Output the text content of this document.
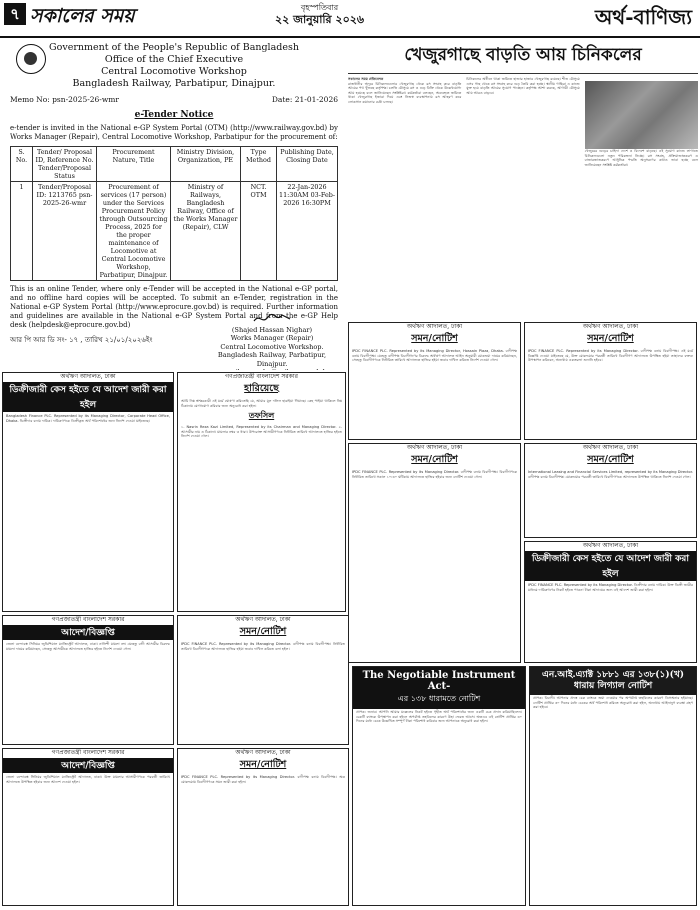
৭ সকালের সময়	বৃহস্পতিবার
২২ জানুয়ারি ২০২৬	অর্থ-বাণিজ্য
Government of the People's Republic of Bangladesh
Office of the Chief Executive
Central Locomotive Workshop
Bangladesh Railway, Parbatipur, Dinajpur.
Memo No: psn-2025-26-wmr	Date: 21-01-2026
e-Tender Notice

e-tender is invited in the National e-GP System Portal (OTM) (http://www.railway.gov.bd) by Works Manager (Repair), Central Locomotive Workshop, Parbatipur for the procurement of:

S. No.	Tender/ Proposal ID, Reference No. Tender/Proposal Status	Procurement Nature, Title	Ministry Division, Organization, PE	Type Method	Publishing Date, Closing Date
1	Tender/Proposal ID: 1213765 psn-2025-26-wmr	Procurement of services (17 person) under the Services Procurement Policy through Outsourcing Process, 2025 for the proper maintenance of Locomotive at Central Locomotive Workshop, Parbatipur, Dinajpur.	Ministry of Railways, Bangladesh Railway, Office of the Works Manager (Repair), CLW	NCT. OTM	22-Jan-2026 11:30AM 03-Feb-2026 16:30PM

This is an online Tender, where only e-Tender will be accepted in the National e-GP portal, and no offline hard copies will be accepted. To submit an e-Tender, registration in the National e-GP System Portal (http://www.eprocure.gov.bd) is required. Further information and guidelines are available in the National e-GP System Portal and from the e-GP Help desk (helpdesk@eprocure.gov.bd)

আর পি আর ডি সং- ১৭ , তারিখ ২১/০১/২০২৬ইং
(Shajed Hassan Nighar)
Works Manager (Repair)
Central Locomotive Workshop.
Bangladesh Railway, Parbatipur, Dinajpur.
খেজুরগাছে বাড়তি আয় চিনিকলের
সকালের সময় প্রতিবেদক

রাজধানীর অদূরে চিনিকলগুলোর খেজুরগাছ থেকে রস সংগ্রহ করে বাড়তি আয়ের পথ খুঁজছে কর্তৃপক্ষ। চলতি মৌসুমে রস ও গুড় বিক্রি থেকে উল্লেখযোগ্য আয় হয়েছে বলে জানিয়েছেন সংশ্লিষ্টরা। কর্মকর্তারা বলছেন, অব্যবহৃত জমিতে থাকা খেজুরগাছ ইজারা দিয়ে এবং নিজস্ব ব্যবস্থাপনায় রস আহরণ করে লোকসান কমানোর চেষ্টা চলছে।

চিনিকলের অধীনে থাকা জমিতে হাজার হাজার খেজুরগাছ রয়েছে। শীত মৌসুমে এসব গাছ থেকে রস সংগ্রহ করে গুড় তৈরি করা হচ্ছে। স্থানীয় গাছিরা এ কাজে যুক্ত হয়ে বাড়তি আয়ের সুযোগ পাচ্ছেন। কর্তৃপক্ষ আশা করছে, আগামী মৌসুমে আয় আরও বাড়বে।

খেজুরের গুড়ের চাহিদা দেশে ও বিদেশে বাড়ছে। এই সুযোগ কাজে লাগাতে চিনিকলগুলো নতুন পরিকল্পনা নিচ্ছে। রস সংগ্রহ, প্রক্রিয়াজাতকরণ ও বাজারজাতকরণে আধুনিক পদ্ধতি অনুসরণের কথাও ভাবা হচ্ছে বলে জানিয়েছেন সংশ্লিষ্ট কর্মকর্তারা।

অর্থঋণ আদালত, ঢাকা
সমন/নোটিশ

IPDC FINANCE PLC. Represented by its Managing Director, Hossain Plaza, Dhaka. বাদীপক্ষ বনাম বিবাদীপক্ষ। যেহেতু বাদীপক্ষ বিবাদীগণের বিরুদ্ধে অর্থঋণ আদালত আইন অনুযায়ী মোকদ্দমা দায়ের করিয়াছেন, সেহেতু বিবাদীগণকে নির্ধারিত তারিখে আদালতে হাজির হইয়া জবাব দাখিল করিতে নির্দেশ দেওয়া গেল।

অর্থঋণ আদালত, ঢাকা
সমন/নোটিশ

IPDC FINANCE PLC. Represented by its Managing Director. বাদীপক্ষ বনাম বিবাদীপক্ষ। এই মর্মে বিজ্ঞপ্তি দেওয়া যাইতেছে যে, উক্ত মোকদ্দমার পরবর্তী তারিখে বিবাদীগণ আদালতে উপস্থিত হইয়া তাহাদের বক্তব্য উপস্থাপন করিবেন, অন্যথায় একতরফা শুনানি হইবে।

অর্থঋণ আদালত, ঢাকা
সমন/নোটিশ

IPDC FINANCE PLC. Represented by its Managing Director. বাদীপক্ষ বনাম বিবাদীপক্ষ। বিবাদীগণকে নির্ধারিত তারিখে সকাল ১০:৩০ ঘটিকায় আদালতে হাজির হইবার জন্য নোটিশ দেওয়া গেল।

অর্থঋণ আদালত, ঢাকা
সমন/নোটিশ

International Leasing and Financial Services Limited, represented by its Managing Director. বাদীপক্ষ বনাম বিবাদীপক্ষ। মোকদ্দমার পরবর্তী তারিখে বিবাদীগণকে আদালতে উপস্থিত থাকিতে নির্দেশ দেওয়া গেল।

অর্থঋণ আদালত, ঢাকা
ডিক্রীজারী কেস হইতে যে আদেশ জারী করা হইল

IPDC FINANCE PLC. Represented by its Managing Director. ডিক্রীদার বনাম দায়িক। উক্ত ডিক্রী জারীর মাধ্যমে দায়িকগণের নিকট হইতে পাওনা টাকা আদায়ের জন্য এই আদেশ জারী করা হইল।

অর্থঋণ আদালত, ঢাকা
ডিক্রীজারী কেস হইতে যে আদেশ জারী করা হইল

Bangladesh Finance PLC. Represented by its Managing Director, Corporate Head Office, Dhaka. ডিক্রীদার বনাম দায়িক। দায়িকগণকে ডিক্রীকৃত অর্থ পরিশোধের জন্য নির্দেশ দেওয়া যাইতেছে।

গণপ্রজাতন্ত্রী বাংলাদেশ সরকার
হারিয়েছে

আমি নিম্ন স্বাক্ষরকারী এই মর্মে ঘোষণা করিতেছি যে, আমার মূল দলিল হারাইয়া গিয়াছে। কেহ পাইয়া থাকিলে নিম্ন ঠিকানায় যোগাযোগ করিবার জন্য অনুরোধ করা হইল।

তফসিল

১. Nasrin Reza Kazi Limited, Represented by its Chairman and Managing Director. ২. আসামীর নাম ও ঠিকানা। মামলার নম্বর ও ধারা। উপরোক্ত আসামীগণকে নির্ধারিত তারিখে আদালতে হাজির হইতে নির্দেশ দেওয়া গেল।

গণপ্রজাতন্ত্রী বাংলাদেশ সরকার
আদেশ/বিজ্ঞপ্তি

জেলা বন্দোবস্ত সিনিয়র জুডিশিয়াল ম্যাজিস্ট্রেট আদালত, ঢাকা। নালিশী মামলা নং। যেহেতু বাদী আসামীর বিরুদ্ধে মামলা দায়ের করিয়াছেন, সেহেতু আসামীকে আদালতে হাজির হইতে নির্দেশ দেওয়া গেল।

গণপ্রজাতন্ত্রী বাংলাদেশ সরকার
আদেশ/বিজ্ঞপ্তি

জেলা বন্দোবস্ত সিনিয়র জুডিশিয়াল ম্যাজিস্ট্রেট আদালত, ঢাকা। উক্ত মামলার আসামীগণকে পরবর্তী তারিখে আদালতে উপস্থিত হইবার জন্য আদেশ দেওয়া হইল।

অর্থঋণ আদালত, ঢাকা
সমন/নোটিশ

IPDC FINANCE PLC. Represented by its Managing Director. বাদীপক্ষ বনাম বিবাদীপক্ষ। নির্ধারিত তারিখে বিবাদীগণকে আদালতে হাজির হইয়া জবাব দাখিল করিতে বলা হইল।

অর্থঋণ আদালত, ঢাকা
সমন/নোটিশ

IPDC FINANCE PLC. Represented by its Managing Director. বাদীপক্ষ বনাম বিবাদীপক্ষ। অত্র মোকদ্দমায় বিবাদীগণকে সমন জারী করা হইল।

The Negotiable Instrument Act-
এর ১৩৮ ধারামতে নোটিশ

প্রাপক: জনাব। আপনি আমার মক্কেলের নিকট হইতে গৃহীত অর্থ পরিশোধের জন্য একটি চেক প্রদান করিয়াছিলেন। চেকটি ব্যাংকে উপস্থাপন করা হইলে অপর্যাপ্ত তহবিলের কারণে উহা ফেরত আসে। অতএব এই নোটিশ প্রাপ্তির ৩০ দিনের মধ্যে চেকে উল্লেখিত সম্পূর্ণ টাকা পরিশোধ করিবার জন্য আপনাকে অনুরোধ করা হইল।

এন.আই.এ্যাক্ট ১৮৮১ এর ১৩৮(১)(খ) ধারায় লিগ্যাল নোটিশ

প্রাপক: বিবাদী। আপনার প্রদত্ত চেক ব্যাংকে জমা দেওয়ার পর অপর্যাপ্ত তহবিলের কারণে ডিসঅনার হইয়াছে। নোটিশ প্রাপ্তির ৩০ দিনের মধ্যে চেকের অর্থ পরিশোধ করিতে অনুরোধ করা হইল, অন্যথায় আইনানুগ ব্যবস্থা গ্রহণ করা হইবে।
